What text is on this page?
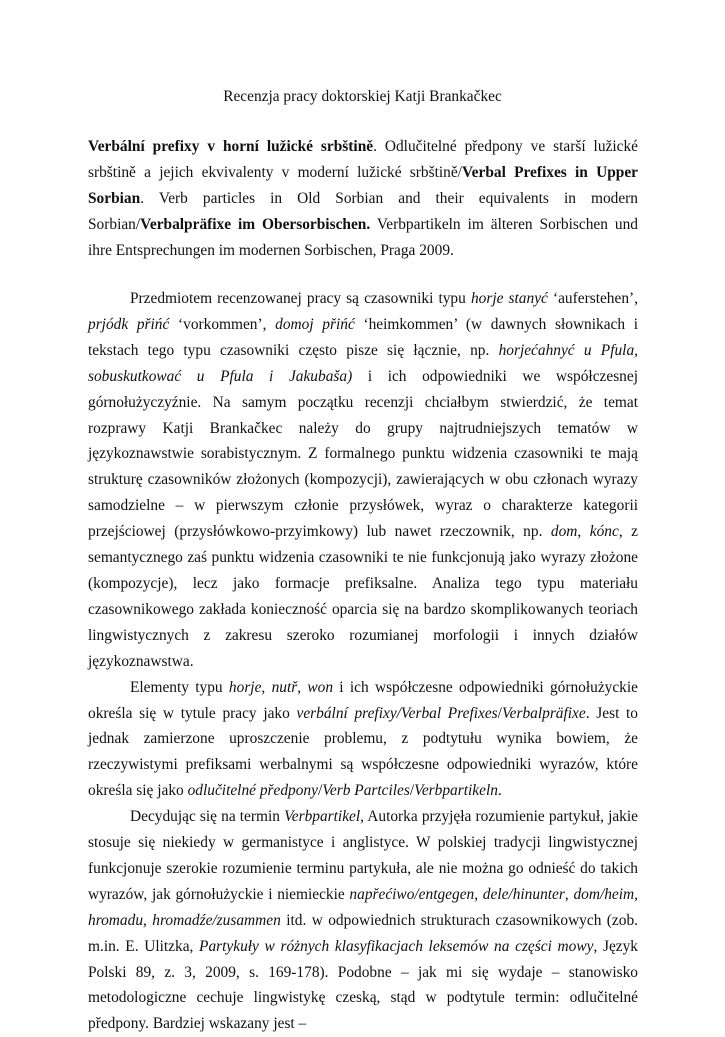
Recenzja pracy doktorskiej Katji Brankačkec

Verbální prefixy v horní lužické srbštině. Odlučitelné předpony ve starší lužické srbštině a jejich ekvivalenty v moderní lužické srbštině/Verbal Prefixes in Upper Sorbian. Verb particles in Old Sorbian and their equivalents in modern Sorbian/Verbalpräfixe im Obersorbischen. Verbpartikeln im älteren Sorbischen und ihre Entsprechungen im modernen Sorbischen, Praga 2009.

Przedmiotem recenzowanej pracy są czasowniki typu horje stanyć ‘auferstehen’, prjódk přińć ‘vorkommen’, domoj přińć ‘heimkommen’ (w dawnych słownikach i tekstach tego typu czasowniki często pisze się łącznie, np. horjećahnyć u Pfula, sobuskutkować u Pfula i Jakubaša) i ich odpowiedniki we współczesnej górnołużyczyźnie. Na samym początku recenzji chciałbym stwierdzić, że temat rozprawy Katji Brankačkec należy do grupy najtrudniejszych tematów w językoznawstwie sorabistycznym. Z formalnego punktu widzenia czasowniki te mają strukturę czasowników złożonych (kompozycji), zawierających w obu członach wyrazy samodzielne – w pierwszym członie przysłówek, wyraz o charakterze kategorii przejściowej (przysłówkowo-przyimkowy) lub nawet rzeczownik, np. dom, kónc, z semantycznego zaś punktu widzenia czasowniki te nie funkcjonują jako wyrazy złożone (kompozycje), lecz jako formacje prefiksalne. Analiza tego typu materiału czasownikowego zakłada konieczność oparcia się na bardzo skomplikowanych teoriach lingwistycznych z zakresu szeroko rozumianej morfologii i innych działów językoznawstwa.

Elementy typu horje, nutř, won i ich współczesne odpowiedniki górnołużyckie określa się w tytule pracy jako verbální prefixy/Verbal Prefixes/Verbalpräfixe. Jest to jednak zamierzone uproszczenie problemu, z podtytułu wynika bowiem, że rzeczywistymi prefiksami werbalnymi są współczesne odpowiedniki wyrazów, które określa się jako odlučitelné předpony/Verb Partciles/Verbpartikeln.

Decydując się na termin Verbpartikel, Autorka przyjęła rozumienie partykuł, jakie stosuje się niekiedy w germanistyce i anglistyce. W polskiej tradycji lingwistycznej funkcjonuje szerokie rozumienie terminu partykuła, ale nie można go odnieść do takich wyrazów, jak górnołużyckie i niemieckie napřećiwo/entgegen, dele/hinunter, dom/heim, hromadu, hromadźe/zusammen itd. w odpowiednich strukturach czasownikowych (zob. m.in. E. Ulitzka, Partykuły w różnych klasyfikacjach leksemów na części mowy, Język Polski 89, z. 3, 2009, s. 169-178). Podobne – jak mi się wydaje – stanowisko metodologiczne cechuje lingwistykę czeską, stąd w podtytule termin: odlučitelné předpony. Bardziej wskazany jest –
